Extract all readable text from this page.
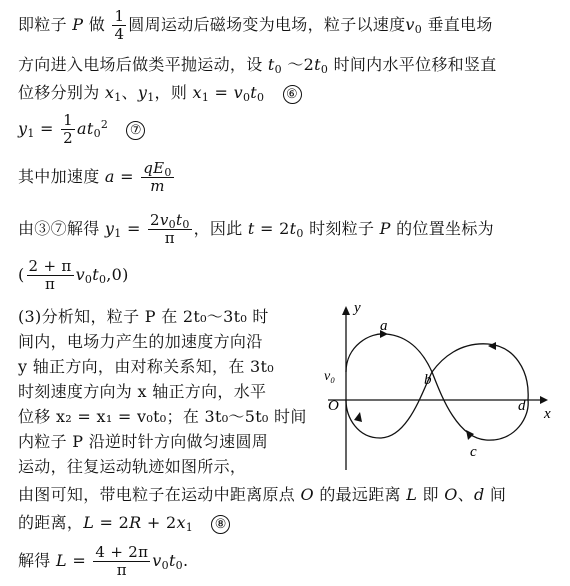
即粒子 P 做 $\frac{1}{4}$ 圆周运动后磁场变为电场，粒子以速度$v_0$ 垂直电场
方向进入电场后做类平抛运动，设 $t_0$ $\sim 2t_0$ 时间内水平位移和竖直
位移分别为 $x_1$、$y_1$，则 $x_1 = v_0t_0$ ⑥
$y_1 = \frac{1}{2} at_0^2$ ⑦
其中加速度 $a = \frac{qE_0}{m}$
由③⑦解得 $y_1 = \frac{2v_0t_0}{\pi}$ ，因此 $t = 2t_0$ 时刻粒子 P 的位置坐标为
( $\frac{2 + \pi}{\pi} v_0t_0,0$)
(3)分析知，粒子 P 在 2t₀～3t₀ 时
间内，电场力产生的加速度方向沿
y 轴正方向，由对称关系知，在 3t₀
时刻速度方向为 x 轴正方向，水平
位移 x₂ = x₁ = v₀t₀；在 3t₀～5t₀ 时间
内粒子 P 沿逆时针方向做匀速圆周
运动，往复运动轨迹如图所示，
y
x
O
v₀
a
b
c
d
由图可知，带电粒子在运动中距离原点 O 的最远距离 L 即 O、d 间
的距离，$L = 2R + 2x_1$ ⑧
解得 $L = \frac{4 + 2\pi}{\pi} v_0t_0$.
